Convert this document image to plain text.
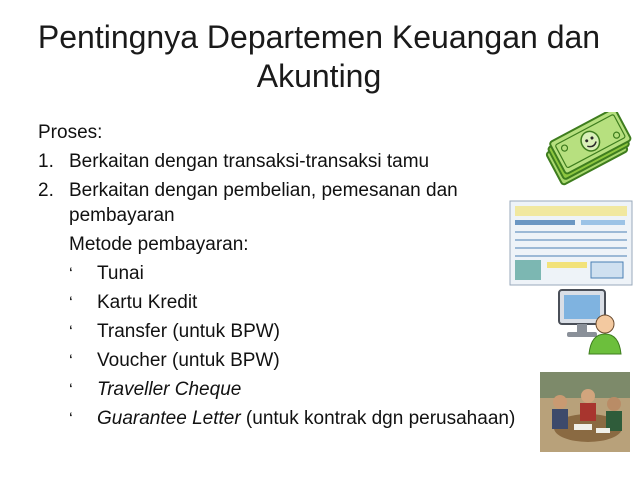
Pentingnya Departemen Keuangan dan
Akunting
Proses:
1. Berkaitan dengan transaksi-transaksi tamu
2. Berkaitan dengan pembelian, pemesanan dan
pembayaran
Metode pembayaran:
‘ Tunai
‘ Kartu Kredit
‘ Transfer (untuk BPW)
‘ Voucher (untuk BPW)
‘ Traveller Cheque
‘ Guarantee Letter (untuk kontrak dgn perusahaan)
